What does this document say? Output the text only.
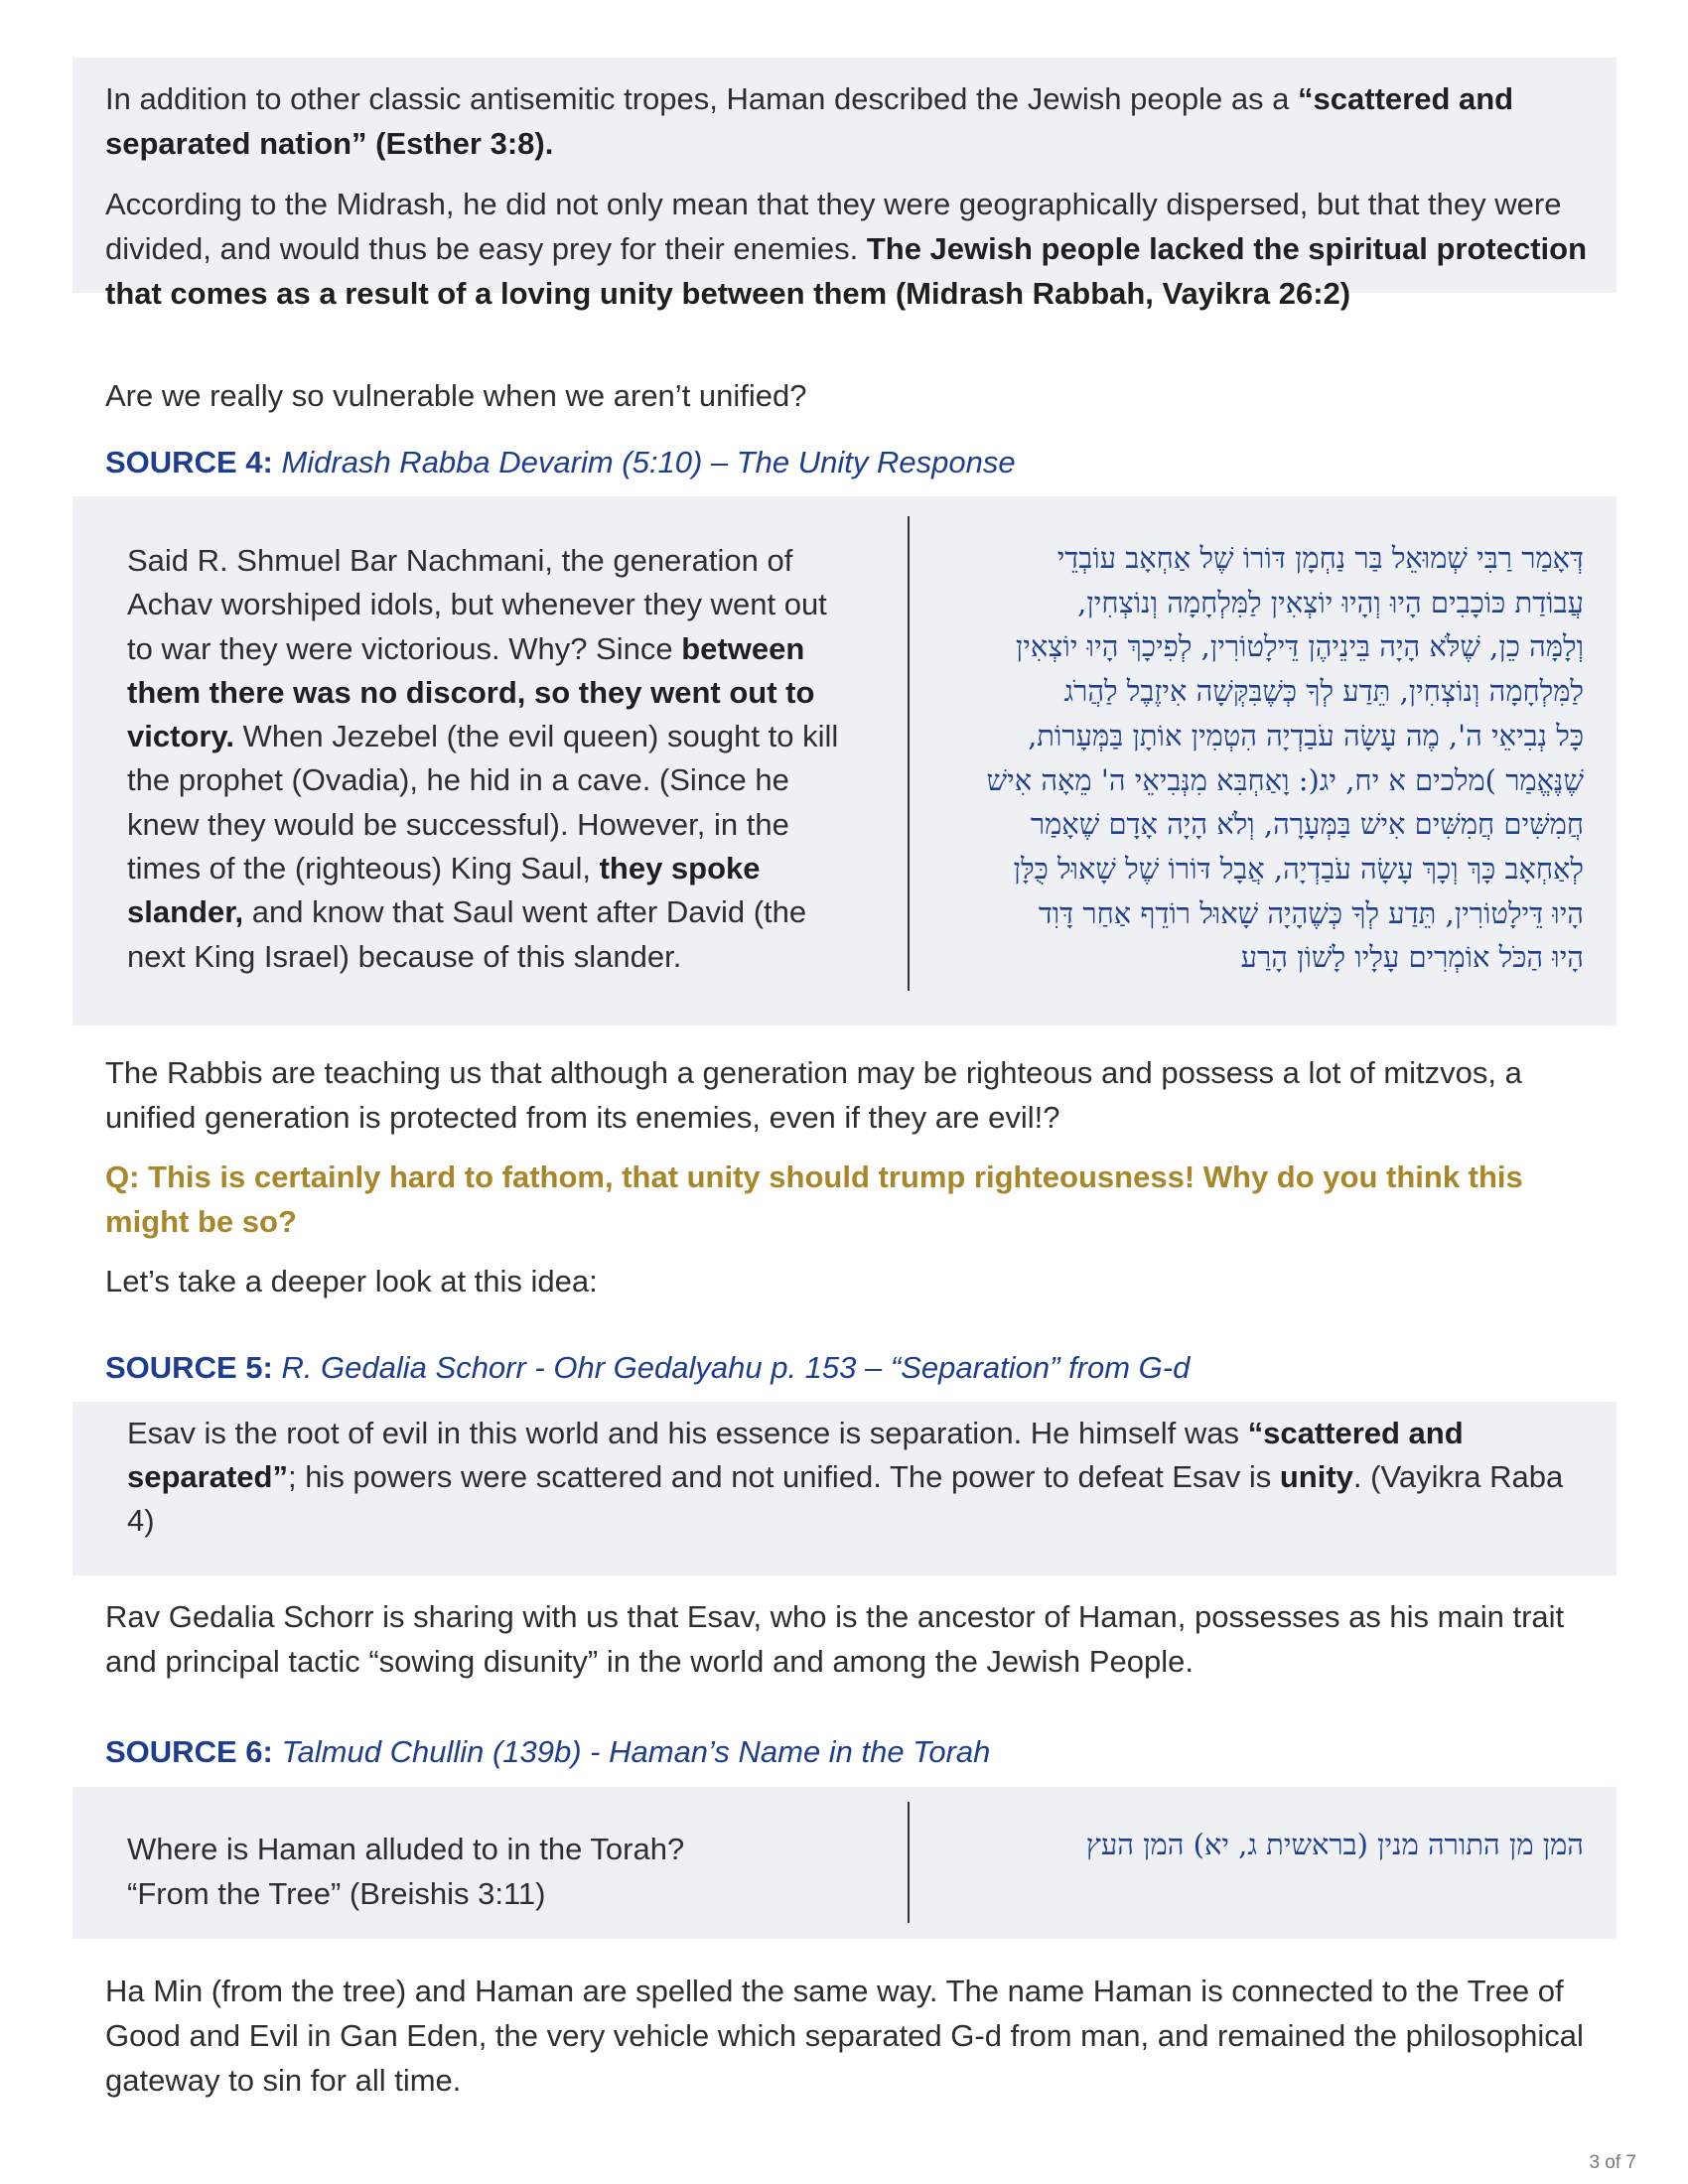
In addition to other classic antisemitic tropes, Haman described the Jewish people as a “scattered and separated nation” (Esther 3:8).
According to the Midrash, he did not only mean that they were geographically dispersed, but that they were divided, and would thus be easy prey for their enemies. The Jewish people lacked the spiritual protection that comes as a result of a loving unity between them (Midrash Rabbah, Vayikra 26:2)
Are we really so vulnerable when we aren’t unified?
SOURCE 4: Midrash Rabba Devarim (5:10) – The Unity Response
Said R. Shmuel Bar Nachmani, the generation of Achav worshiped idols, but whenever they went out to war they were victorious. Why? Since between them there was no discord, so they went out to victory. When Jezebel (the evil queen) sought to kill the prophet (Ovadia), he hid in a cave. (Since he knew they would be successful). However, in the times of the (righteous) King Saul, they spoke slander, and know that Saul went after David (the next King Israel) because of this slander.
דְּאָמַר רַבִּי שְׁמוּאֵל בַּר נַחְמָן דּוֹרוֹ שֶׁל אַחְאָב עוֹבְדֵי
עֲבוֹדַת כּוֹכָבִים הָיוּ וְהָיוּ יוֹצְאִין לַמִּלְחָמָה וְנוֹצְחִין,
וְלָמָּה כֵן, שֶׁלֹּא הָיָה בֵּינֵיהֶן דֵּילָטוֹרִין, לְפִיכָךְ הָיוּ יוֹצְאִין
לַמִּלְחָמָה וְנוֹצְחִין, תֵּדַע לְךָ כְּשֶׁבִּקְּשָׁה אִיזֶבֶל לַהֲרֹג
כָּל נְבִיאֵי ה', מֶה עָשָׂה עֹבַדְיָה הִטְמִין אוֹתָן בַּמְּעָרוֹת,
שֶׁנֶּאֱמַר )מלכים א יח, יג(: וָאַחְבִּא מִנְּבִיאֵי ה' מֵאָה אִישׁ
חֲמִשִּׁים חֲמִשִּׁים אִישׁ בַּמְּעָרָה, וְלֹא הָיָה אָדָם שֶׁאָמַר
לְאַחְאָב כָּךְ וְכָךְ עָשָׂה עֹבַדְיָה, אֲבָל דּוֹרוֹ שֶׁל שָׁאוּל כֻּלָּן
הָיוּ דֵּילָטוֹרִין, תֵּדַע לְךָ כְּשֶׁהָיָה שָׁאוּל רוֹדֵף אַחַר דָּוִד
הָיוּ הַכֹּל אוֹמְרִים עָלָיו לָשׁוֹן הָרַע
The Rabbis are teaching us that although a generation may be righteous and possess a lot of mitzvos, a unified generation is protected from its enemies, even if they are evil!?
Q: This is certainly hard to fathom, that unity should trump righteousness! Why do you think this might be so?
Let’s take a deeper look at this idea:
SOURCE 5: R. Gedalia Schorr - Ohr Gedalyahu p. 153 – “Separation” from G-d
Esav is the root of evil in this world and his essence is separation. He himself was “scattered and separated”; his powers were scattered and not unified. The power to defeat Esav is unity. (Vayikra Raba 4)
Rav Gedalia Schorr is sharing with us that Esav, who is the ancestor of Haman, possesses as his main trait and principal tactic “sowing disunity” in the world and among the Jewish People.
SOURCE 6: Talmud Chullin (139b) - Haman’s Name in the Torah
Where is Haman alluded to in the Torah?
“From the Tree” (Breishis 3:11)
המן מן התורה מנין (בראשית ג, יא) המן העץ
Ha Min (from the tree) and Haman are spelled the same way. The name Haman is connected to the Tree of Good and Evil in Gan Eden, the very vehicle which separated G-d from man, and remained the philosophical gateway to sin for all time.
3 of 7
